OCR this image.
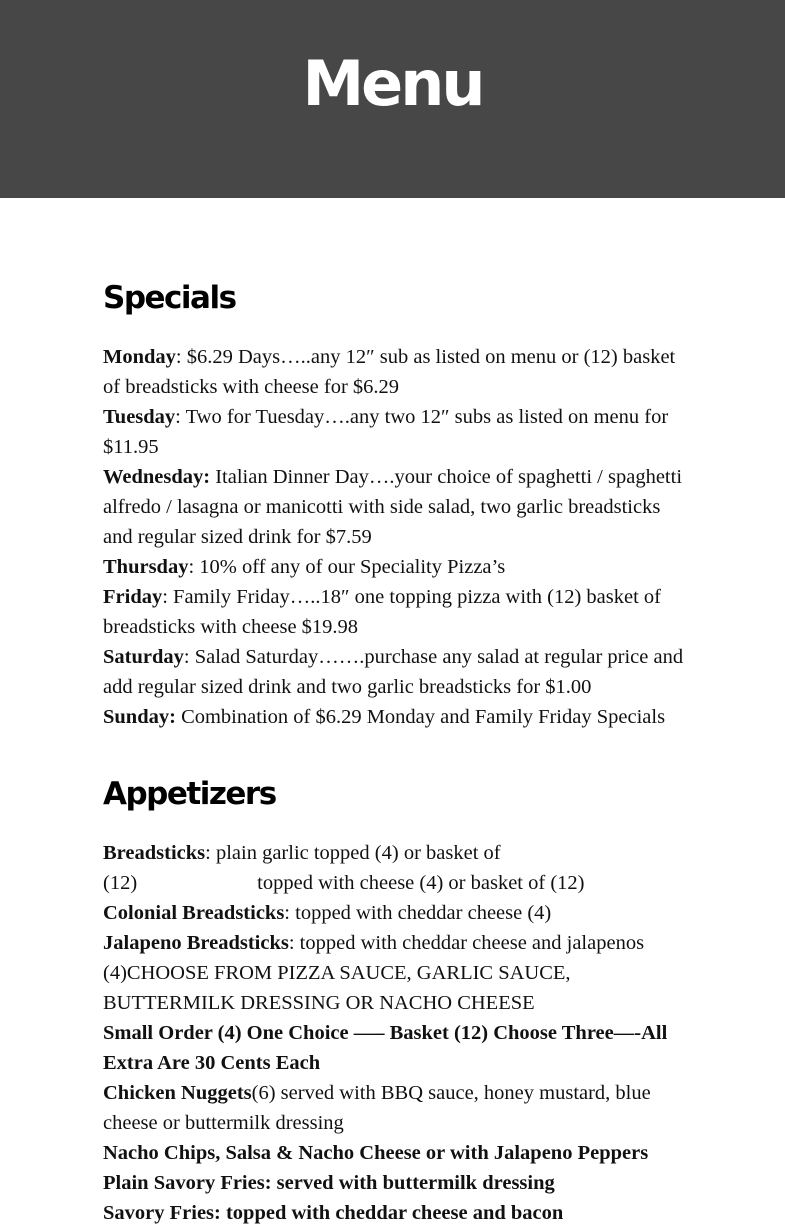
Menu
Specials

Monday: $6.29 Days…..any 12″ sub as listed on menu or (12) basket of breadsticks with cheese for $6.29
Tuesday: Two for Tuesday….any two 12″ subs as listed on menu for $11.95
Wednesday: Italian Dinner Day….your choice of spaghetti / spaghetti alfredo / lasagna or manicotti with side salad, two garlic breadsticks and regular sized drink for $7.59
Thursday: 10% off any of our Speciality Pizza’s
Friday: Family Friday…..18″ one topping pizza with (12) basket of breadsticks with cheese $19.98
Saturday: Salad Saturday…….purchase any salad at regular price and add regular sized drink and two garlic breadsticks for $1.00
Sunday: Combination of $6.29 Monday and Family Friday Specials

Appetizers

Breadsticks: plain garlic topped (4) or basket of
(12)	topped with cheese (4) or basket of (12)
Colonial Breadsticks: topped with cheddar cheese (4)
Jalapeno Breadsticks: topped with cheddar cheese and jalapenos (4)CHOOSE FROM PIZZA SAUCE, GARLIC SAUCE, BUTTERMILK DRESSING OR NACHO CHEESE
Small Order (4) One Choice —– Basket (12) Choose Three—-All Extra Are 30 Cents Each
Chicken Nuggets(6) served with BBQ sauce, honey mustard, blue cheese or buttermilk dressing
Nacho Chips, Salsa & Nacho Cheese or with Jalapeno Peppers
Plain Savory Fries: served with buttermilk dressing
Savory Fries: topped with cheddar cheese and bacon
